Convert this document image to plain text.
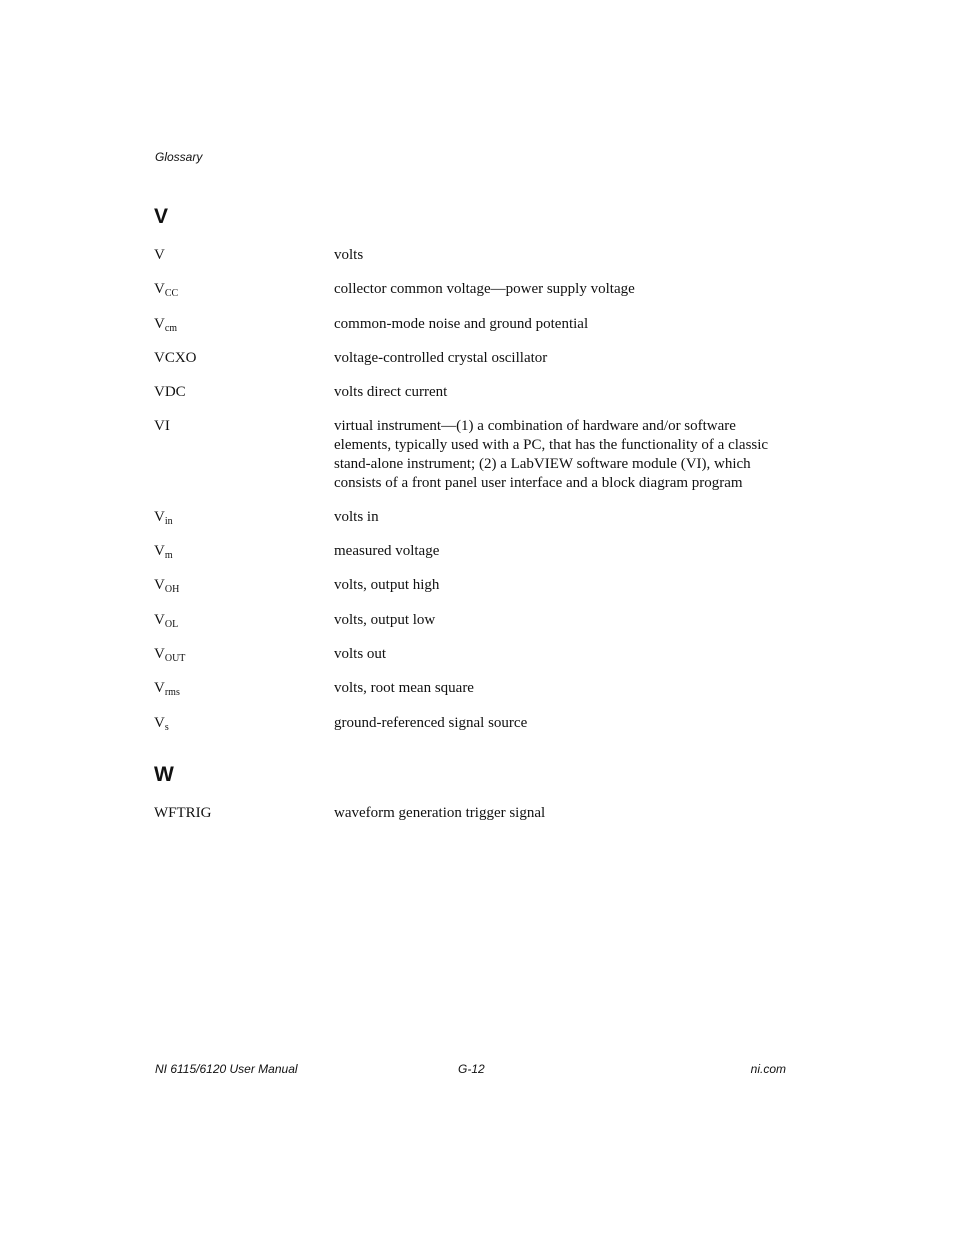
Glossary
V
V	volts
$V_{CC}$	collector common voltage—power supply voltage
$V_{cm}$	common-mode noise and ground potential
VCXO	voltage-controlled crystal oscillator
VDC	volts direct current
VI	virtual instrument—(1) a combination of hardware and/or software elements, typically used with a PC, that has the functionality of a classic stand-alone instrument; (2) a LabVIEW software module (VI), which consists of a front panel user interface and a block diagram program
$V_{in}$	volts in
$V_m$	measured voltage
$V_{OH}$	volts, output high
$V_{OL}$	volts, output low
$V_{OUT}$	volts out
$V_{rms}$	volts, root mean square
$V_s$	ground-referenced signal source
W
WFTRIG	waveform generation trigger signal
NI 6115/6120 User Manual	G-12	ni.com
